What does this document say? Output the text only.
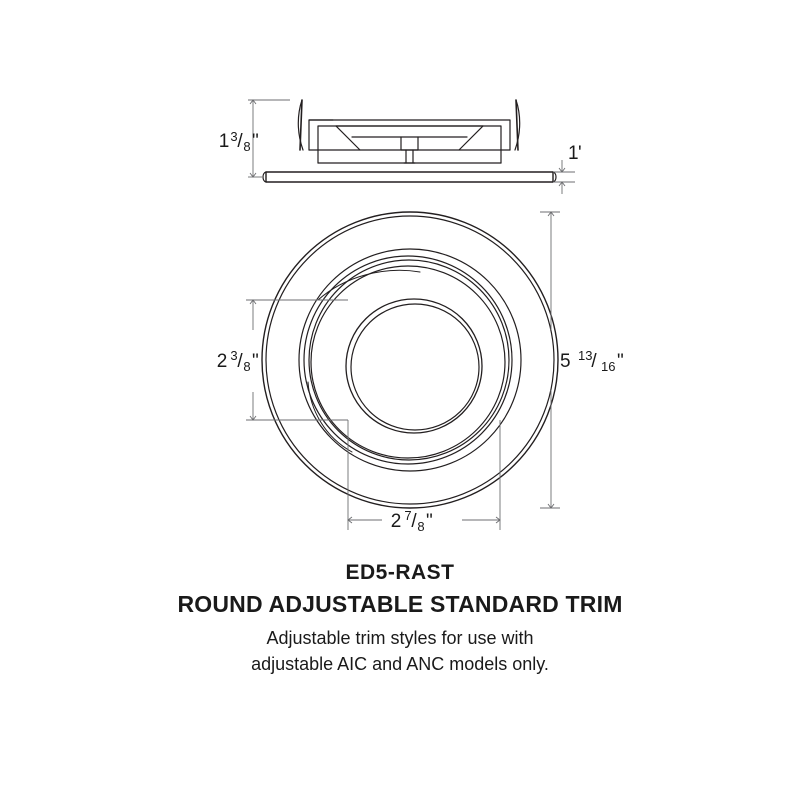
1 3 / 8 "
1 '
2 3 / 8 "	5 13
/ 16 "
2 7 / 8 "

ED5-RAST

ROUND ADJUSTABLE STANDARD TRIM

Adjustable trim styles for use with

adjustable AIC and ANC models only.
